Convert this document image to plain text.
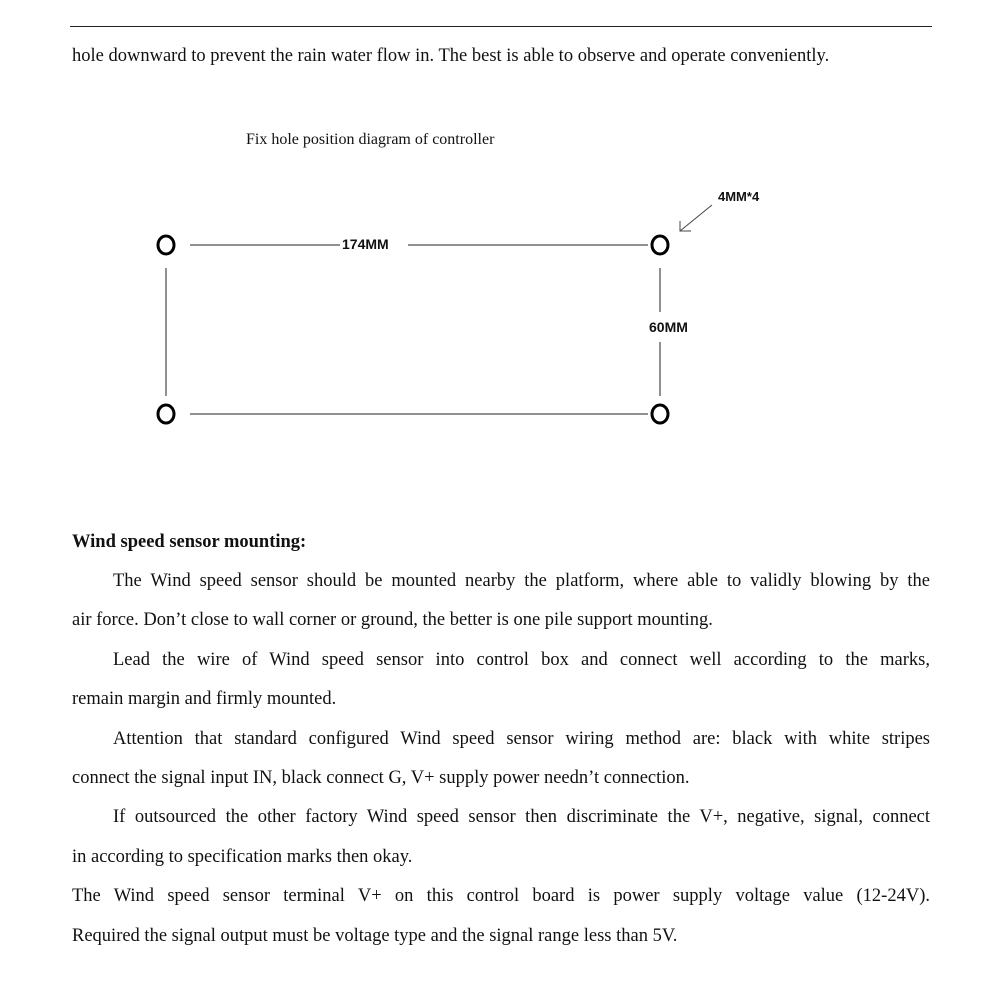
hole downward to prevent the rain water flow in. The best is able to observe and operate conveniently.
Fix hole position diagram of controller
174MM
60MM
4MM*4
Wind speed sensor mounting:
The Wind speed sensor should be mounted nearby the platform, where able to validly blowing by the
air force. Don’t close to wall corner or ground, the better is one pile support mounting.
Lead the wire of Wind speed sensor into control box and connect well according to the marks,
remain margin and firmly mounted.
Attention that standard configured Wind speed sensor wiring method are: black with white stripes
connect the signal input IN, black connect G, V+ supply power needn’t connection.
If outsourced the other factory Wind speed sensor then discriminate the V+, negative, signal, connect
in according to specification marks then okay.
The Wind speed sensor terminal V+ on this control board is power supply voltage value (12-24V).
Required the signal output must be voltage type and the signal range less than 5V.
